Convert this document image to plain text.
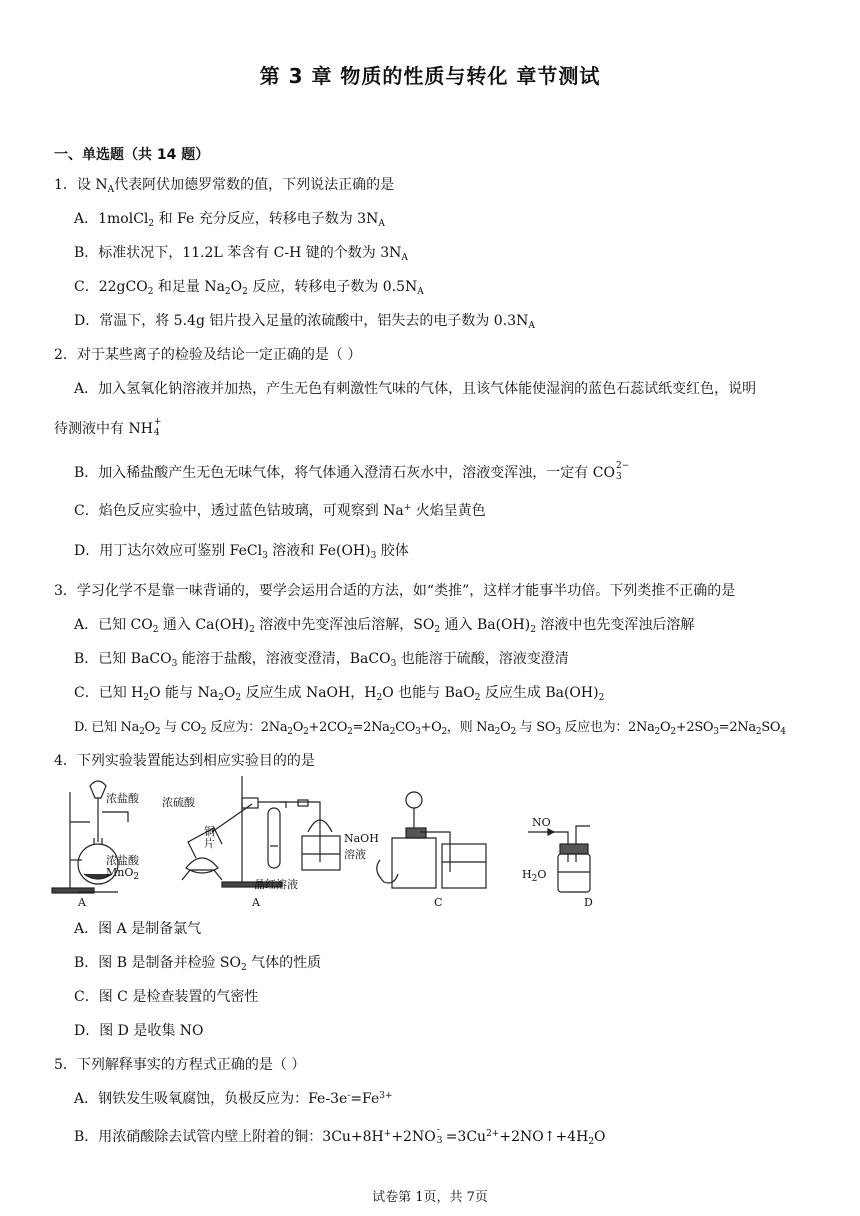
第 3 章 物质的性质与转化 章节测试
一、单选题（共 14 题）
1．设 $N_A$代表阿伏加德罗常数的值，下列说法正确的是
A．1molCl$_2$ 和 Fe 充分反应，转移电子数为 $3N_A$
B．标准状况下，11.2L 苯含有 C-H 键的个数为 $3N_A$
C．22gCO$_2$ 和足量 $Na_2O_2$ 反应，转移电子数为 $0.5N_A$
D．常温下，将 5.4g 铝片投入足量的浓硫酸中，铝失去的电子数为 $0.3N_A$
2．对于某些离子的检验及结论一定正确的是（ ）
A．加入氢氧化钠溶液并加热，产生无色有刺激性气味的气体，且该气体能使湿润的蓝色石蕊试纸变红色，说明
待测液中有 NH +
4
B．加入稀盐酸产生无色无味气体，将气体通入澄清石灰水中，溶液变浑浊，一定有 CO 2−
3
C．焰色反应实验中，透过蓝色钴玻璃，可观察到 Na+ 火焰呈黄色
D．用丁达尔效应可鉴别 FeCl$_3$ 溶液和 $Fe(OH)_3$ 胶体
3．学习化学不是靠一味背诵的，要学会运用合适的方法，如“类推”，这样才能事半功倍。下列类推不正确的是
A．已知 $CO_2$ 通入 $Ca(OH)_2$ 溶液中先变浑浊后溶解，$SO_2$ 通入 $Ba(OH)_2$ 溶液中也先变浑浊后溶解
B．已知 BaCO$_3$ 能溶于盐酸，溶液变澄清，BaCO$_3$ 也能溶于硫酸，溶液变澄清
C．已知 $H_2O$ 能与 $Na_2O_2$ 反应生成 NaOH，$H_2O$ 也能与 BaO$_2$ 反应生成 $Ba(OH)_2$
D. 已知 $Na_2O_2$ 与 $CO_2$ 反应为：$2Na_2O_2+2CO_2=2Na_2CO_3+O_2$，则 $Na_2O_2$ 与 $SO_3$ 反应也为：$2Na_2O_2+2SO_3=2Na_2SO_4$
4．下列实验装置能达到相应实验目的的是
浓盐酸
浓盐酸
MnO$_2$
浓硫酸
铜片	NaOH
溶液
晶红溶液
NO
$H_2O$
A	A	C	D
A．图 A 是制备氯气
B．图 B 是制备并检验 $SO_2$ 气体的性质
C．图 C 是检查装置的气密性
D．图 D 是收集 NO
5．下列解释事实的方程式正确的是（ ）
A．钢铁发生吸氧腐蚀，负极反应为：$Fe-3e^-=Fe^{3+}$
B．用浓硝酸除去试管内壁上附着的铜：3Cu+8H++2NO -
$3 =3Cu^{2+}+2NO↑+4H_2O$
试卷第 1页，共 7页
